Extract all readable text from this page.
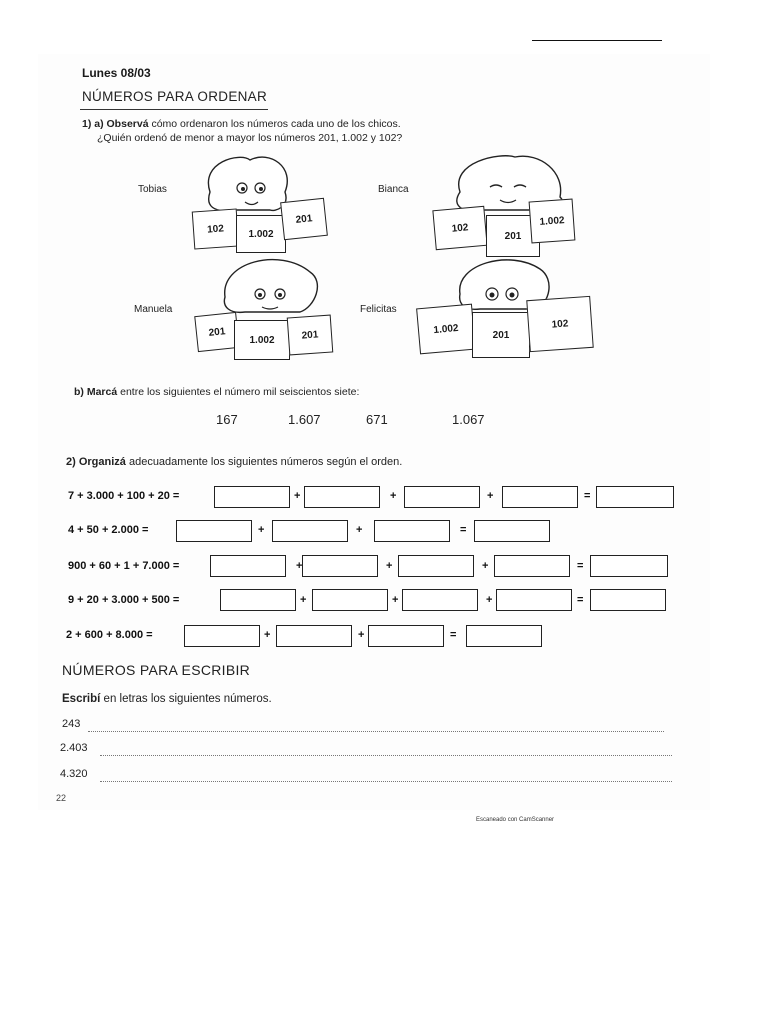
Lunes 08/03
NÚMEROS PARA ORDENAR
1) a) Observá cómo ordenaron los números cada uno de los chicos.
¿Quién ordenó de menor a mayor los números 201, 1.002 y 102?
Tobias
102	1.002
201
Bianca
102
201
1.002
Manuela
201
1.002	201
Felicitas
1.002	201
102
b) Marcá entre los siguientes el número mil seiscientos siete:
167	1.607	671	1.067
2) Organizá adecuadamente los siguientes números según el orden.
7 + 3.000 + 100 + 20 =	+	+	+	=
4 + 50 + 2.000 =	+	+	=
900 + 60 + 1 + 7.000 =	+	+	+	=
9 + 20 + 3.000 + 500 =	+	+	+	=
2 + 600 + 8.000 =	+	+	=
NÚMEROS PARA ESCRIBIR
Escribí en letras los siguientes números.
243
2.403
4.320
22
Escaneado con CamScanner
